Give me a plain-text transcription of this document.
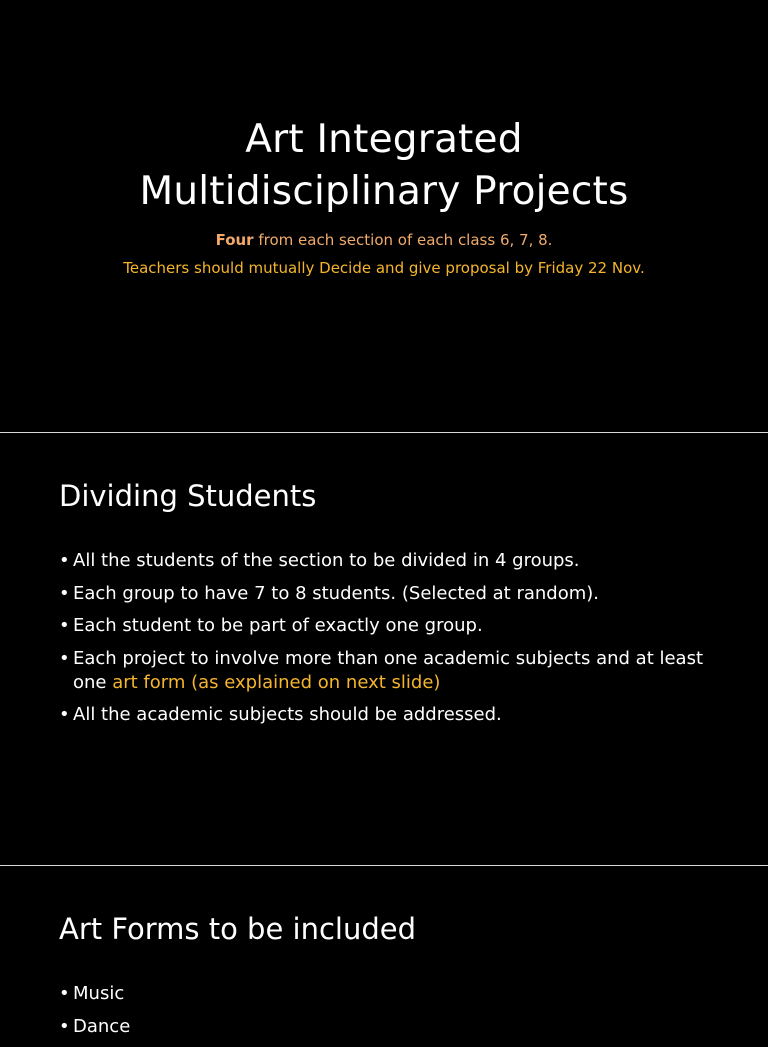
Art Integrated
Multidisciplinary Projects
Four from each section of each class 6, 7, 8.
Teachers should mutually Decide and give proposal by Friday 22 Nov.
Dividing Students
• All the students of the section to be divided in 4 groups.
• Each group to have 7 to 8 students. (Selected at random).
• Each student to be part of exactly one group.
• Each project to involve more than one academic subjects and at least one art form (as explained on next slide)
• All the academic subjects should be addressed.
Art Forms to be included
• Music
• Dance
